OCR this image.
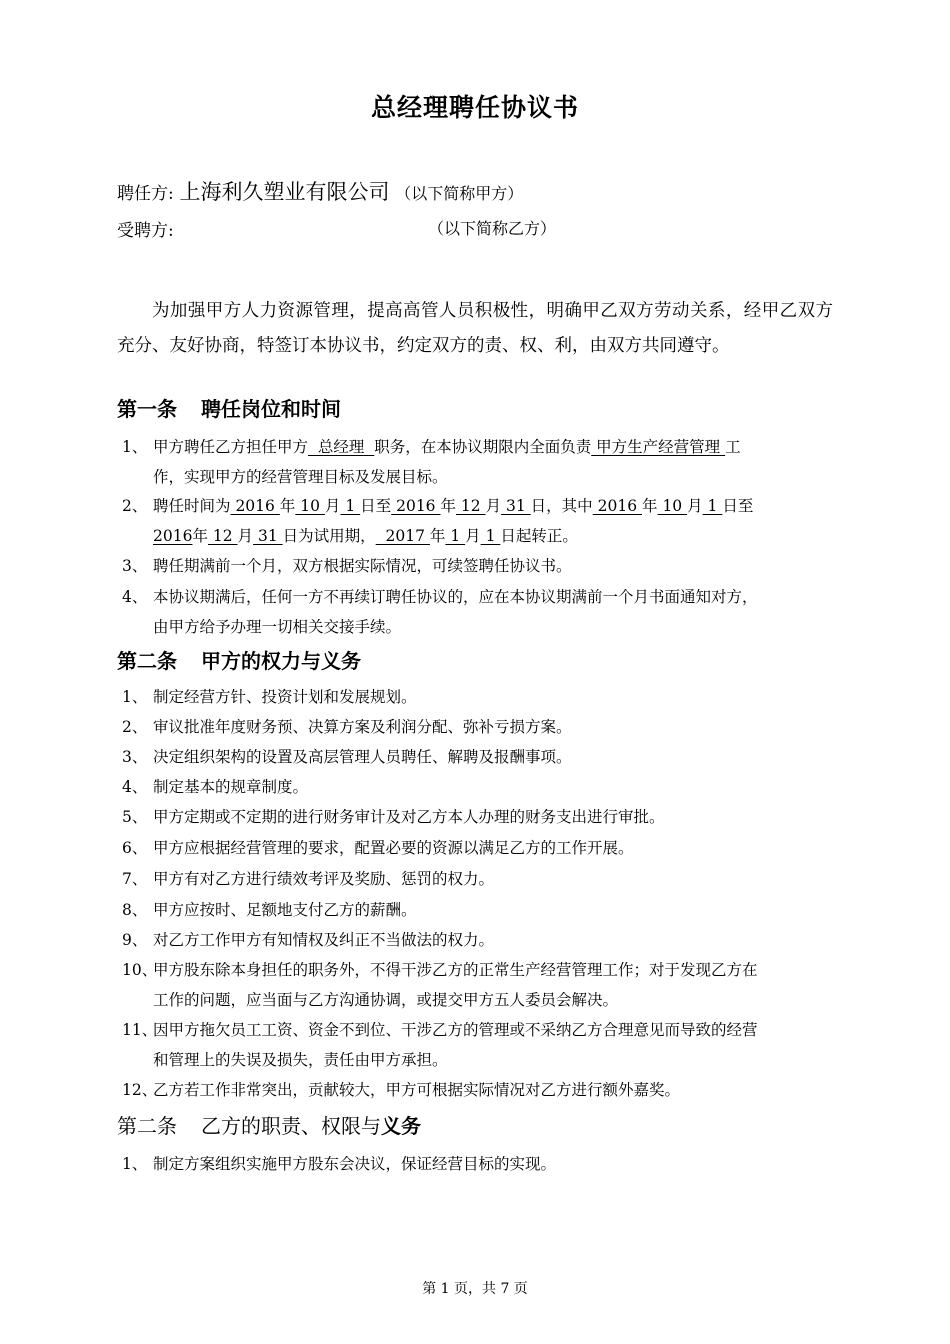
总经理聘任协议书
聘任方: 上海利久塑业有限公司 （以下简称甲方）
受聘方:	（以下简称乙方）
为加强甲方人力资源管理，提高高管人员积极性，明确甲乙双方劳动关系，经甲乙双方充分、友好协商，特签订本协议书，约定双方的责、权、利，由双方共同遵守。
第一条 聘任岗位和时间
1、 甲方聘任乙方担任甲方  总经理  职务，在本协议期限内全面负责 甲方生产经营管理 工
作，实现甲方的经营管理目标及发展目标。
2、 聘任时间为 2016 年 10 月 1 日至 2016 年 12 月 31 日，其中 2016 年 10 月 1 日至
2016年 12 月 31 日为试用期，  2017 年 1 月 1 日起转正。
3、 聘任期满前一个月，双方根据实际情况，可续签聘任协议书。
4、 本协议期满后，任何一方不再续订聘任协议的，应在本协议期满前一个月书面通知对方，
由甲方给予办理一切相关交接手续。
第二条 甲方的权力与义务
1、 制定经营方针、投资计划和发展规划。
2、 审议批准年度财务预、决算方案及利润分配、弥补亏损方案。
3、 决定组织架构的设置及高层管理人员聘任、解聘及报酬事项。
4、 制定基本的规章制度。
5、 甲方定期或不定期的进行财务审计及对乙方本人办理的财务支出进行审批。
6、 甲方应根据经营管理的要求，配置必要的资源以满足乙方的工作开展。
7、 甲方有对乙方进行绩效考评及奖励、惩罚的权力。
8、 甲方应按时、足额地支付乙方的薪酬。
9、 对乙方工作甲方有知情权及纠正不当做法的权力。
10、甲方股东除本身担任的职务外，不得干涉乙方的正常生产经营管理工作；对于发现乙方在
工作的问题，应当面与乙方沟通协调，或提交甲方五人委员会解决。
11、因甲方拖欠员工工资、资金不到位、干涉乙方的管理或不采纳乙方合理意见而导致的经营
和管理上的失误及损失，责任由甲方承担。
12、乙方若工作非常突出，贡献较大，甲方可根据实际情况对乙方进行额外嘉奖。
第二条 乙方的职责、权限与义务
1、 制定方案组织实施甲方股东会决议，保证经营目标的实现。
第 1 页，共 7 页
